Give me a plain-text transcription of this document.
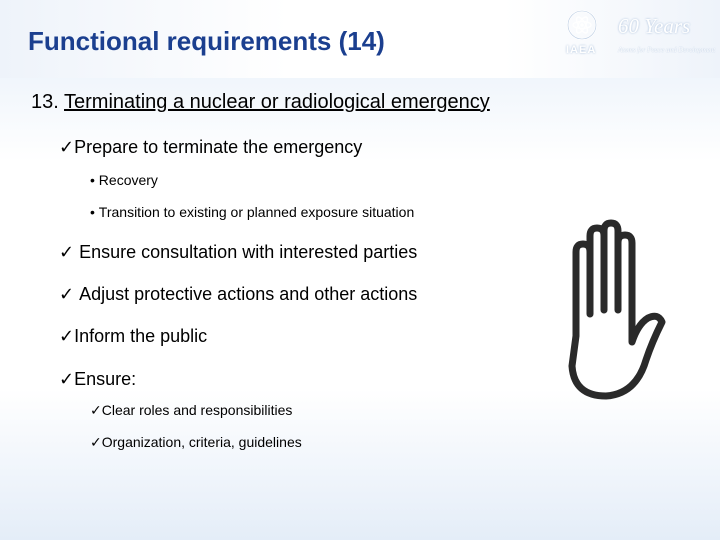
Functional requirements (14)	IAEA
60 Years
Atoms for Peace and Development
13. Terminating a nuclear or radiological emergency
✓Prepare to terminate the emergency
• Recovery
• Transition to existing or planned exposure situation
✓ Ensure consultation with interested parties
✓ Adjust protective actions and other actions
✓Inform the public
✓Ensure:
✓Clear roles and responsibilities
✓Organization, criteria, guidelines
